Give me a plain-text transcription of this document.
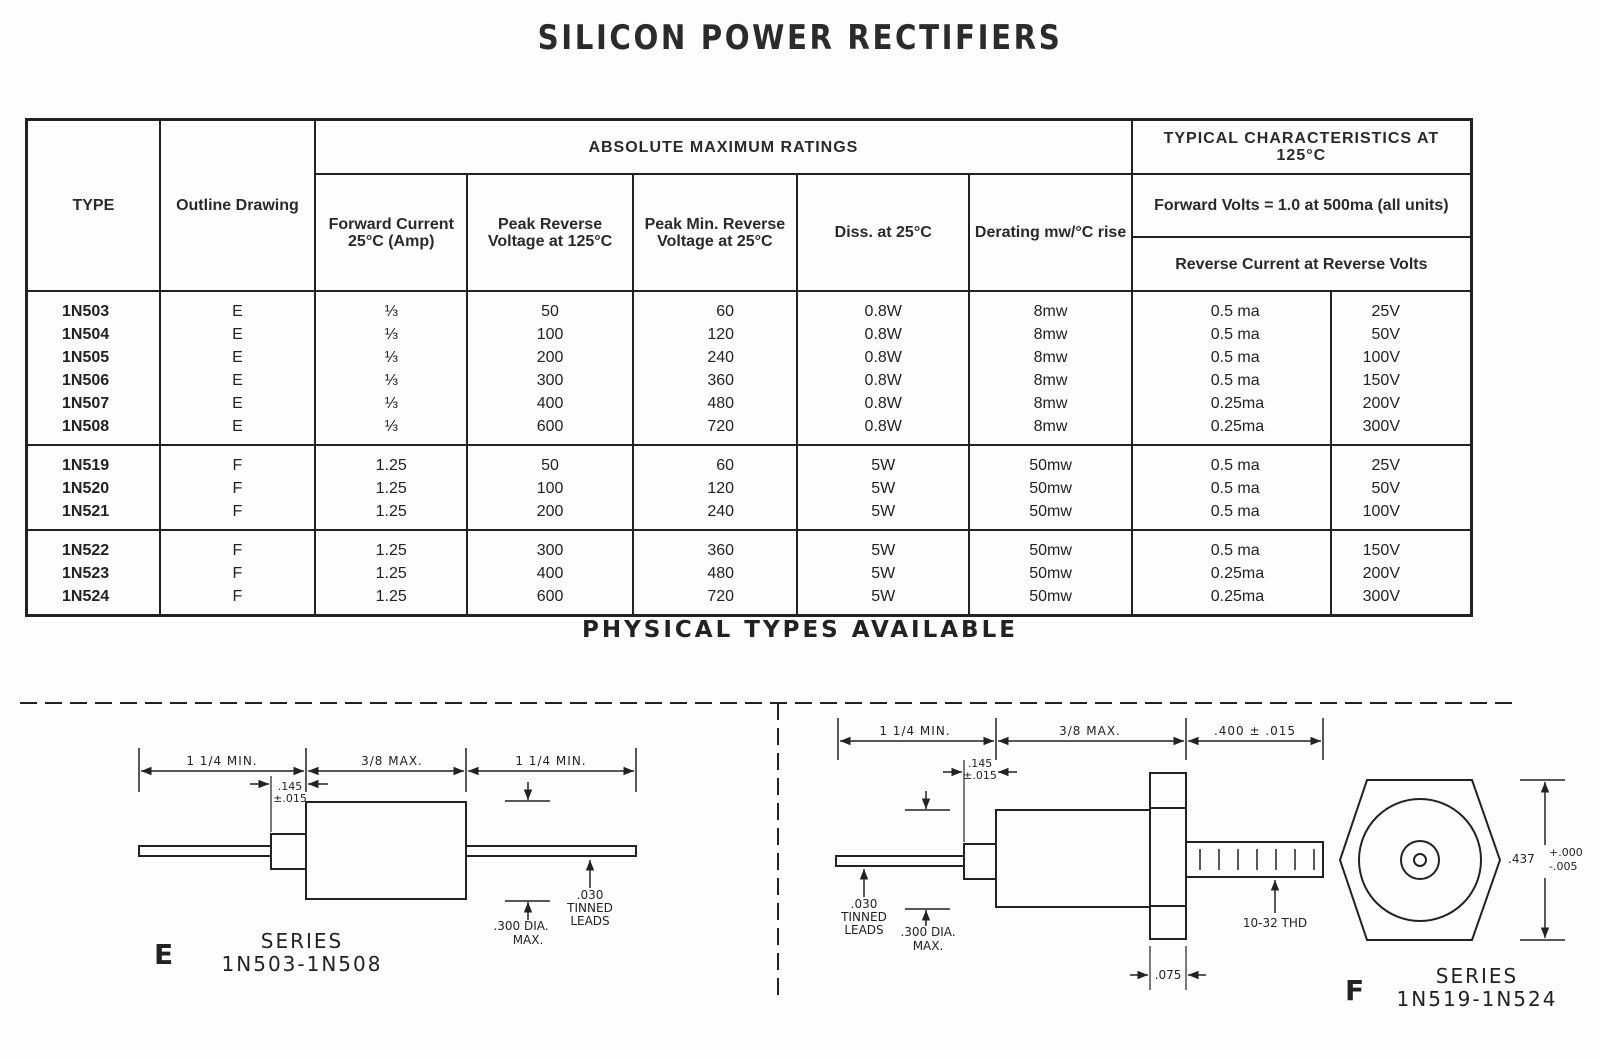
SILICON POWER RECTIFIERS
TYPE	Outline Drawing	ABSOLUTE MAXIMUM RATINGS					TYPICAL CHARACTERISTICS AT 125°C	
		Forward Current 25°C (Amp)	Peak Reverse Voltage at 125°C	Peak Min. Reverse Voltage at 25°C	Diss. at 25°C	Derating mw/°C rise	Forward Volts = 1.0 at 500ma (all units)	
							Reverse Current at Reverse Volts	
1N503	E	⅓	50	60	0.8W	8mw	0.5 ma	25V
1N504	E	⅓	100	120	0.8W	8mw	0.5 ma	50V
1N505	E	⅓	200	240	0.8W	8mw	0.5 ma	100V
1N506	E	⅓	300	360	0.8W	8mw	0.5 ma	150V
1N507	E	⅓	400	480	0.8W	8mw	0.25ma	200V
1N508	E	⅓	600	720	0.8W	8mw	0.25ma	300V
1N519	F	1.25	50	60	5W	50mw	0.5 ma	25V
1N520	F	1.25	100	120	5W	50mw	0.5 ma	50V
1N521	F	1.25	200	240	5W	50mw	0.5 ma	100V
1N522	F	1.25	300	360	5W	50mw	0.5 ma	150V
1N523	F	1.25	400	480	5W	50mw	0.25ma	200V
1N524	F	1.25	600	720	5W	50mw	0.25ma	300V
PHYSICAL TYPES AVAILABLE
1 1/4 MIN.	3/8 MAX.	1 1/4 MIN.
.145
±.015
.300 DIA.
MAX.
.030
TINNED
LEADS
E	SERIES
1N503-1N508
1 1/4 MIN.	3/8 MAX.	.400 ± .015
.145
±.015
.030
TINNED
LEADS .300 DIA.
MAX.
10-32 THD
.075
.437 +.000
-.005
F	SERIES
1N519-1N524
